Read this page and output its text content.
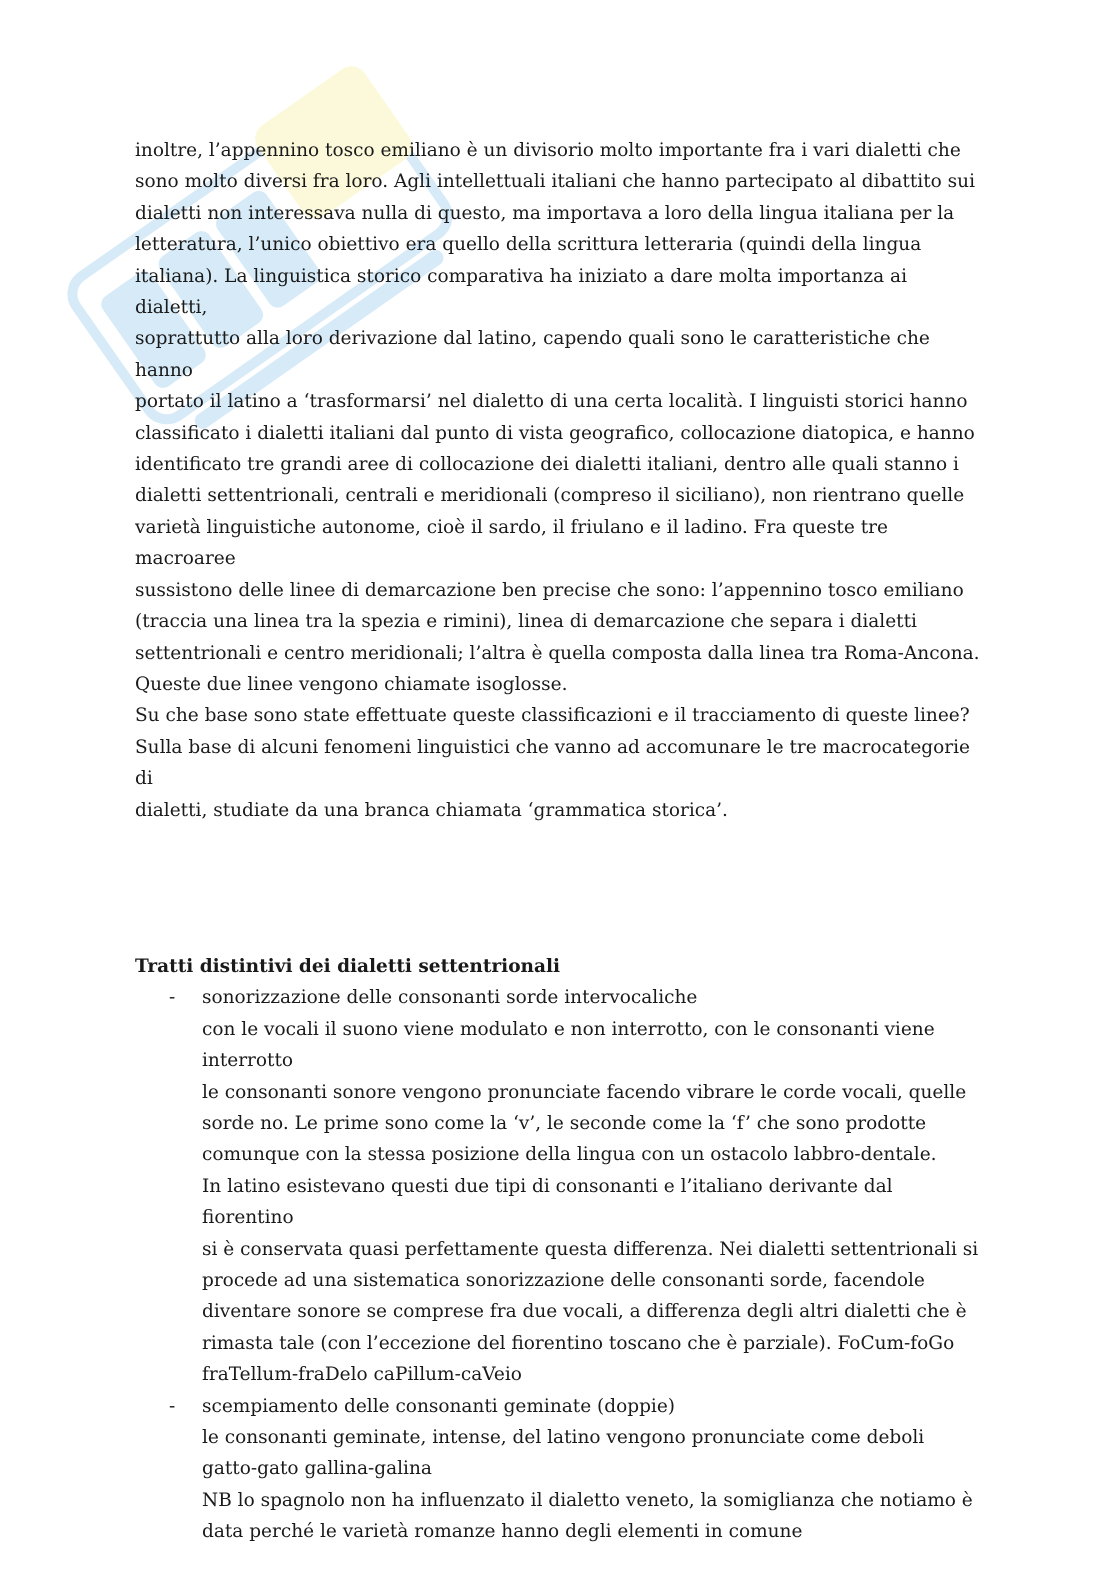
inoltre, l’appennino tosco emiliano è un divisorio molto importante fra i vari dialetti che
sono molto diversi fra loro. Agli intellettuali italiani che hanno partecipato al dibattito sui
dialetti non interessava nulla di questo, ma importava a loro della lingua italiana per la
letteratura, l’unico obiettivo era quello della scrittura letteraria (quindi della lingua
italiana). La linguistica storico comparativa ha iniziato a dare molta importanza ai dialetti,
soprattutto alla loro derivazione dal latino, capendo quali sono le caratteristiche che hanno
portato il latino a ‘trasformarsi’ nel dialetto di una certa località. I linguisti storici hanno
classificato i dialetti italiani dal punto di vista geografico, collocazione diatopica, e hanno
identificato tre grandi aree di collocazione dei dialetti italiani, dentro alle quali stanno i
dialetti settentrionali, centrali e meridionali (compreso il siciliano), non rientrano quelle
varietà linguistiche autonome, cioè il sardo, il friulano e il ladino. Fra queste tre macroaree
sussistono delle linee di demarcazione ben precise che sono: l’appennino tosco emiliano
(traccia una linea tra la spezia e rimini), linea di demarcazione che separa i dialetti
settentrionali e centro meridionali; l’altra è quella composta dalla linea tra Roma-Ancona.
Queste due linee vengono chiamate isoglosse.
Su che base sono state effettuate queste classificazioni e il tracciamento di queste linee?
Sulla base di alcuni fenomeni linguistici che vanno ad accomunare le tre macrocategorie di
dialetti, studiate da una branca chiamata ‘grammatica storica’.

Tratti distintivi dei dialetti settentrionali

- sonorizzazione delle consonanti sorde intervocaliche
con le vocali il suono viene modulato e non interrotto, con le consonanti viene
interrotto
le consonanti sonore vengono pronunciate facendo vibrare le corde vocali, quelle
sorde no. Le prime sono come la ‘v’, le seconde come la ‘f’ che sono prodotte
comunque con la stessa posizione della lingua con un ostacolo labbro-dentale.
In latino esistevano questi due tipi di consonanti e l’italiano derivante dal fiorentino
si è conservata quasi perfettamente questa differenza. Nei dialetti settentrionali si
procede ad una sistematica sonorizzazione delle consonanti sorde, facendole
diventare sonore se comprese fra due vocali, a differenza degli altri dialetti che è
rimasta tale (con l’eccezione del fiorentino toscano che è parziale). FoCum-foGo
fraTellum-fraDelo caPillum-caVeio
- scempiamento delle consonanti geminate (doppie)
le consonanti geminate, intense, del latino vengono pronunciate come deboli
gatto-gato gallina-galina
NB lo spagnolo non ha influenzato il dialetto veneto, la somiglianza che notiamo è
data perché le varietà romanze hanno degli elementi in comune
